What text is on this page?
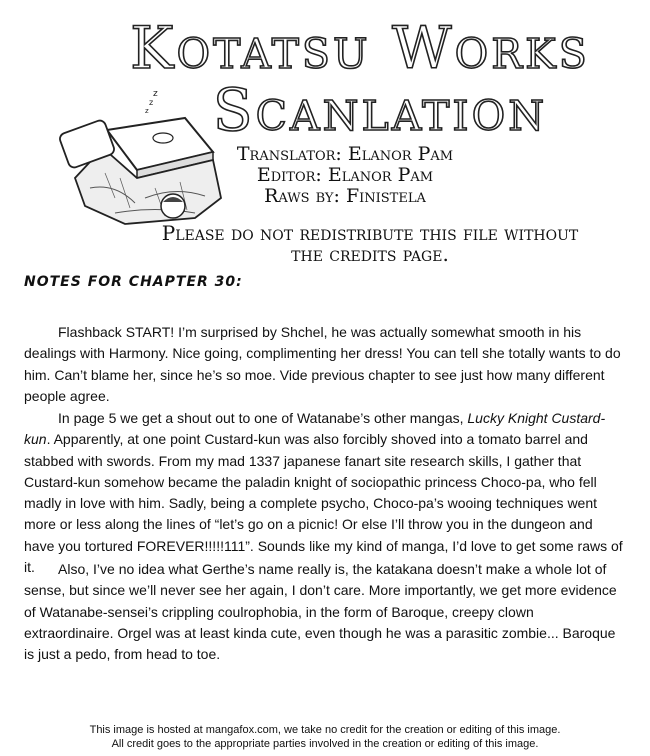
Kotatsu Works
Scanlation
z
z
z
Translator: Elanor Pam
Editor: Elanor Pam
Raws by: Finistela
Please do not redistribute this file without
the credits page.
NOTES FOR CHAPTER 30:

Flashback START! I’m surprised by Shchel, he was actually somewhat smooth in his dealings with Harmony. Nice going, complimenting her dress! You can tell she totally wants to do him. Can’t blame her, since he’s so moe. Vide previous chapter to see just how many different people agree.

In page 5 we get a shout out to one of Watanabe’s other mangas, Lucky Knight Custard-kun. Apparently, at one point Custard-kun was also forcibly shoved into a tomato barrel and stabbed with swords. From my mad 1337 japanese fanart site research skills, I gather that Custard-kun somehow became the paladin knight of sociopathic princess Choco-pa, who fell madly in love with him. Sadly, being a complete psycho, Choco-pa’s wooing techniques went more or less along the lines of “let’s go on a picnic! Or else I’ll throw you in the dungeon and have you tortured FOREVER!!!!!111”. Sounds like my kind of manga, I’d love to get some raws of it.	Also, I’ve no idea what Gerthe’s name really is, the katakana doesn’t make a whole lot of sense, but since we’ll never see her again, I don’t care. More importantly, we get more evidence of Watanabe-sensei’s crippling coulrophobia, in the form of Baroque, creepy clown extraordinaire. Orgel was at least kinda cute, even though he was a parasitic zombie... Baroque is just a pedo, from head to toe.

This image is hosted at mangafox.com, we take no credit for the creation or editing of this image.
All credit goes to the appropriate parties involved in the creation or editing of this image.
